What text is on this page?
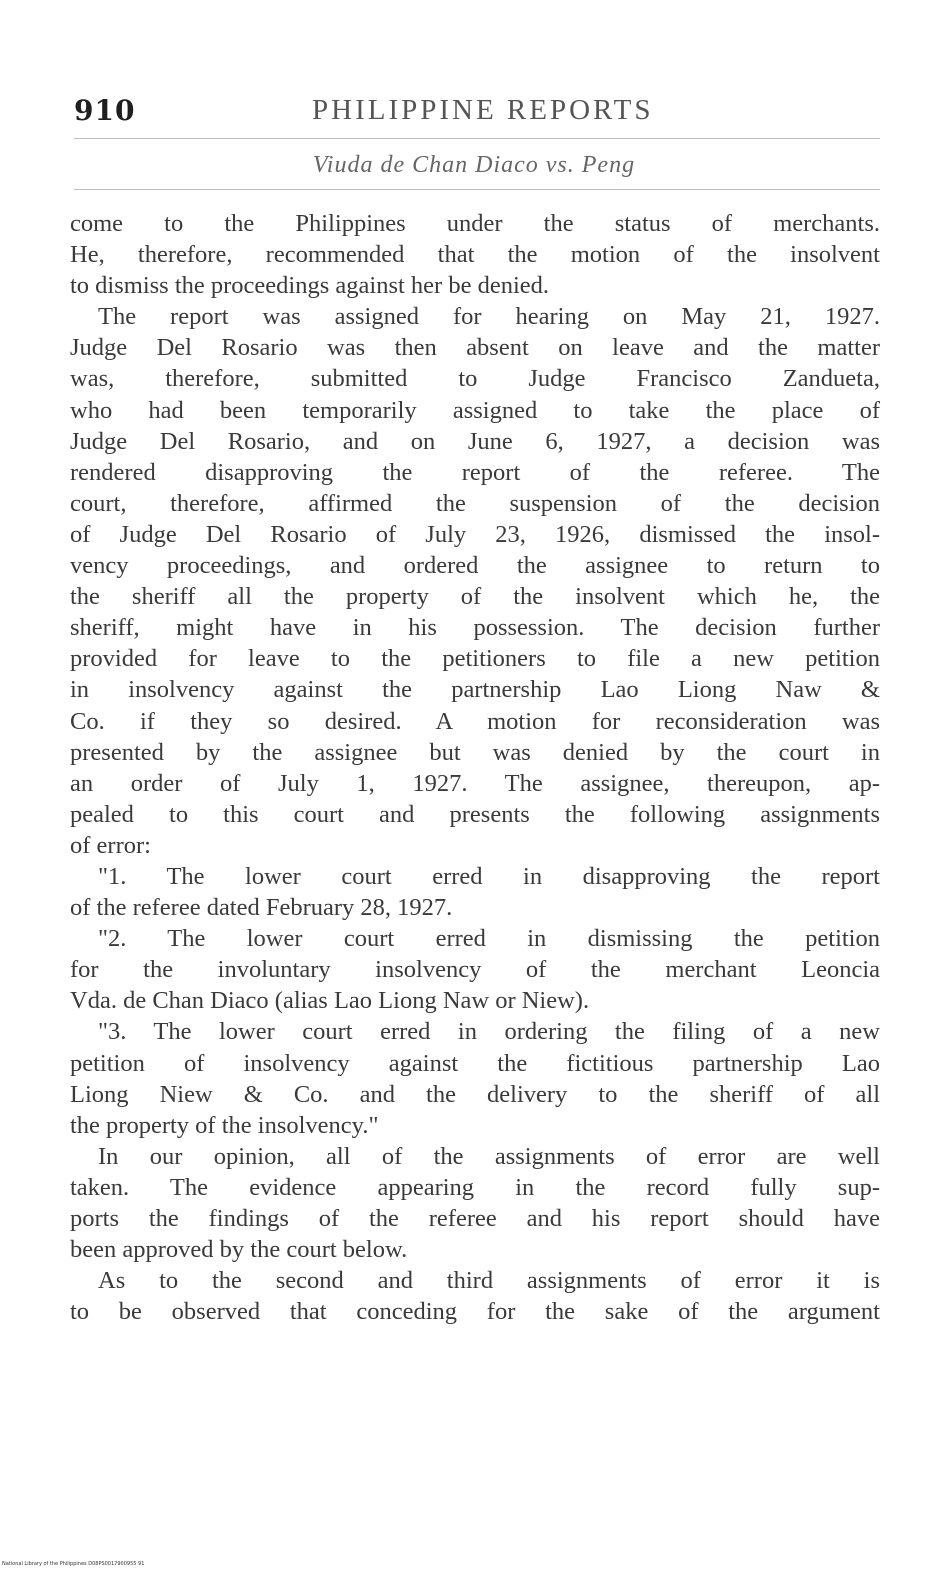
910	PHILIPPINE REPORTS
Viuda de Chan Diaco vs. Peng
come to the Philippines under the status of merchants.
He, therefore, recommended that the motion of the insolvent
to dismiss the proceedings against her be denied.
The report was assigned for hearing on May 21, 1927.
Judge Del Rosario was then absent on leave and the matter
was, therefore, submitted to Judge Francisco Zandueta,
who had been temporarily assigned to take the place of
Judge Del Rosario, and on June 6, 1927, a decision was
rendered disapproving the report of the referee. The
court, therefore, affirmed the suspension of the decision
of Judge Del Rosario of July 23, 1926, dismissed the insol-
vency proceedings, and ordered the assignee to return to
the sheriff all the property of the insolvent which he, the
sheriff, might have in his possession. The decision further
provided for leave to the petitioners to file a new petition
in insolvency against the partnership Lao Liong Naw &
Co. if they so desired. A motion for reconsideration was
presented by the assignee but was denied by the court in
an order of July 1, 1927. The assignee, thereupon, ap-
pealed to this court and presents the following assignments
of error:
"1. The lower court erred in disapproving the report
of the referee dated February 28, 1927.
"2. The lower court erred in dismissing the petition
for the involuntary insolvency of the merchant Leoncia
Vda. de Chan Diaco (alias Lao Liong Naw or Niew).
"3. The lower court erred in ordering the filing of a new
petition of insolvency against the fictitious partnership Lao
Liong Niew & Co. and the delivery to the sheriff of all
the property of the insolvency."
In our opinion, all of the assignments of error are well
taken. The evidence appearing in the record fully sup-
ports the findings of the referee and his report should have
been approved by the court below.
As to the second and third assignments of error it is
to be observed that conceding for the sake of the argument
National Library of the Philippines D08PS0017900955 91
